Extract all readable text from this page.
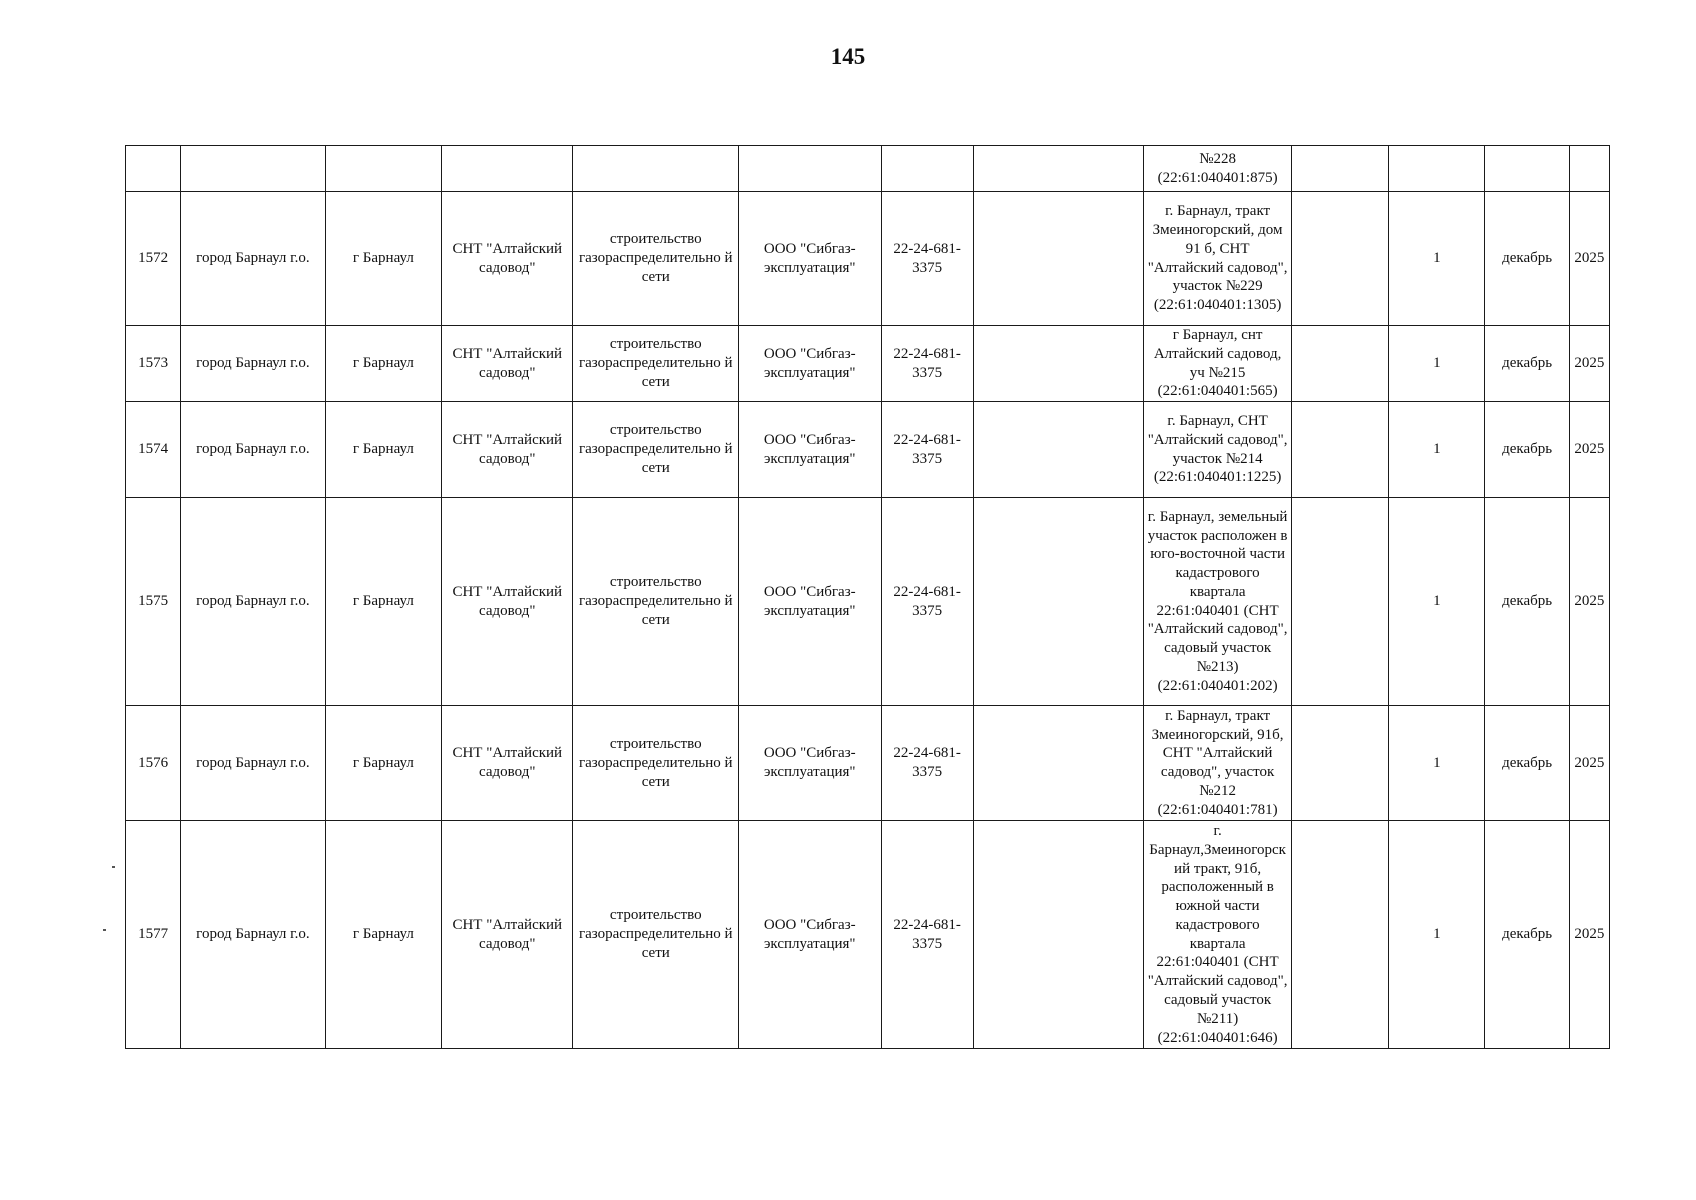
145
								№228 (22:61:040401:875)				
1572	город Барнаул г.о.	г Барнаул	СНТ "Алтайский садовод"	строительство газораспределительно й сети	ООО "Сибгаз-эксплуатация"	22-24-681-3375		г. Барнаул, тракт Змеиногорский, дом 91 б, СНТ "Алтайский садовод", участок №229 (22:61:040401:1305)		1	декабрь	2025
1573	город Барнаул г.о.	г Барнаул	СНТ "Алтайский садовод"	строительство газораспределительно й сети	ООО "Сибгаз-эксплуатация"	22-24-681-3375		г Барнаул, снт Алтайский садовод, уч №215 (22:61:040401:565)		1	декабрь	2025
1574	город Барнаул г.о.	г Барнаул	СНТ "Алтайский садовод"	строительство газораспределительно й сети	ООО "Сибгаз-эксплуатация"	22-24-681-3375		г. Барнаул, СНТ "Алтайский садовод", участок №214 (22:61:040401:1225)		1	декабрь	2025
1575	город Барнаул г.о.	г Барнаул	СНТ "Алтайский садовод"	строительство газораспределительно й сети	ООО "Сибгаз-эксплуатация"	22-24-681-3375		г. Барнаул, земельный участок расположен в юго-восточной части кадастрового квартала 22:61:040401 (СНТ "Алтайский садовод", садовый участок №213) (22:61:040401:202)		1	декабрь	2025
1576	город Барнаул г.о.	г Барнаул	СНТ "Алтайский садовод"	строительство газораспределительно й сети	ООО "Сибгаз-эксплуатация"	22-24-681-3375		г. Барнаул, тракт Змеиногорский, 91б, СНТ "Алтайский садовод", участок №212 (22:61:040401:781)		1	декабрь	2025
1577	город Барнаул г.о.	г Барнаул	СНТ "Алтайский садовод"	строительство газораспределительно й сети	ООО "Сибгаз-эксплуатация"	22-24-681-3375		г. Барнаул,Змеиногорский тракт, 91б, расположенный в южной части кадастрового квартала 22:61:040401 (СНТ "Алтайский садовод", садовый участок №211) (22:61:040401:646)		1	декабрь	2025
